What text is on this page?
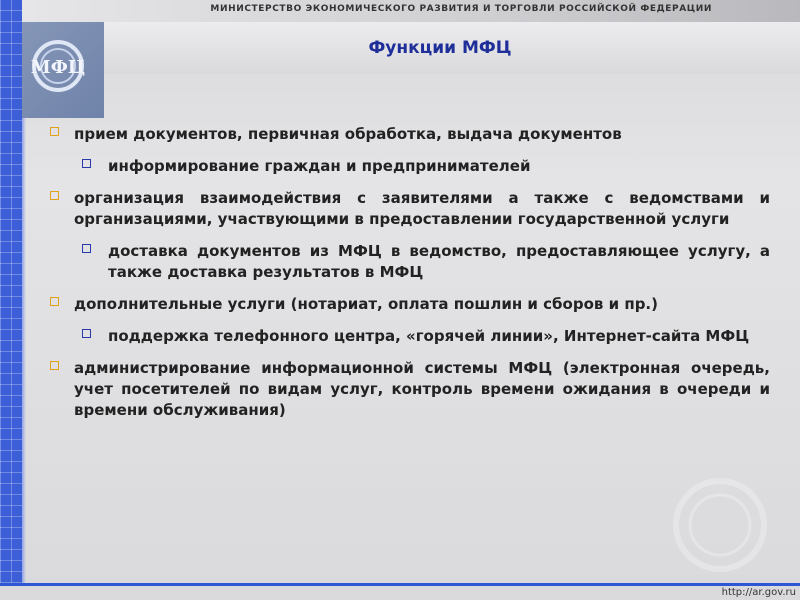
МИНИСТЕРСТВО ЭКОНОМИЧЕСКОГО РАЗВИТИЯ И ТОРГОВЛИ РОССИЙСКОЙ ФЕДЕРАЦИИ
МФЦ
Функции МФЦ
прием документов, первичная обработка, выдача документов
информирование граждан и предпринимателей
организация взаимодействия с заявителями а также с ведомствами и организациями, участвующими в предоставлении государственной услуги
доставка документов из МФЦ в ведомство, предоставляющее услугу, а также доставка результатов в МФЦ
дополнительные услуги (нотариат, оплата пошлин и сборов и пр.)
поддержка телефонного центра, «горячей линии», Интернет-сайта МФЦ
администрирование информационной системы МФЦ (электронная очередь, учет посетителей по видам услуг, контроль времени ожидания в очереди и времени обслуживания)
http://ar.gov.ru
